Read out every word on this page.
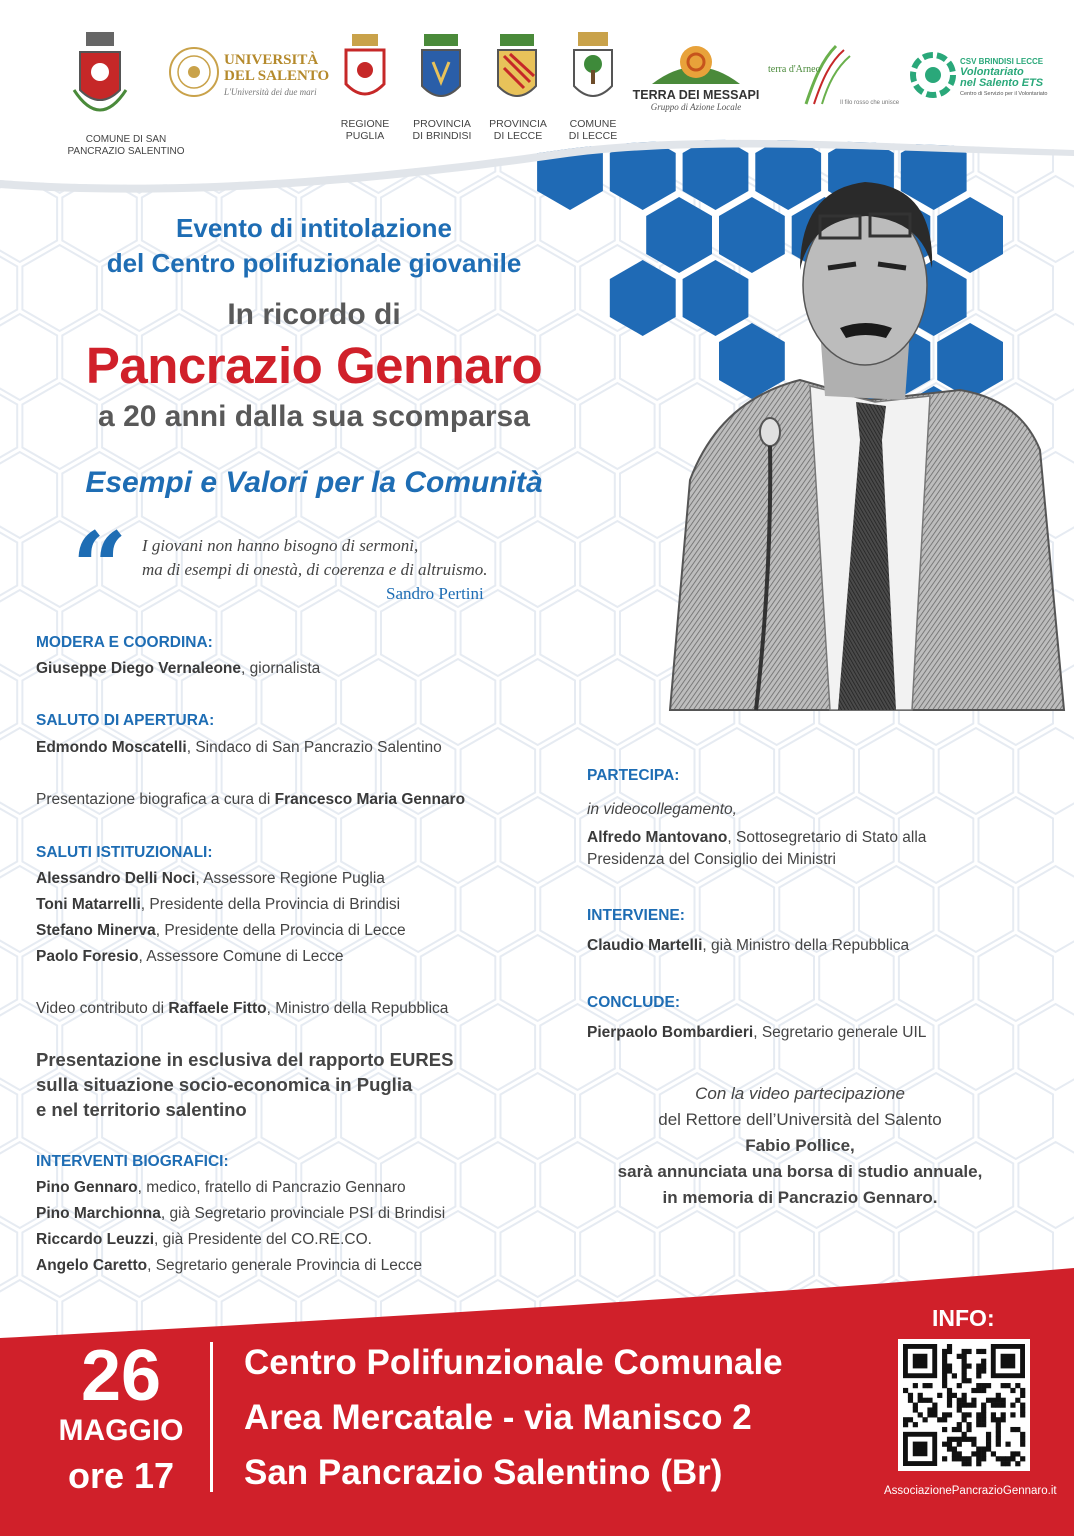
COMUNE DI SAN PANCRAZIO SALENTINO
UNIVERSITÀ
DEL SALENTO
L'Università dei due mari
REGIONE
PUGLIA
PROVINCIA
DI BRINDISI
PROVINCIA
DI LECCE
COMUNE
DI LECCE
TERRA DEI MESSAPI
Gruppo di Azione Locale
terra d'Arneo
Il filo rosso che unisce
CSV BRINDISI LECCE
Volontariato
nel Salento ETS
Centro di Servizio per il Volontariato
Evento di intitolazione
del Centro polifuzionale giovanile
In ricordo di
Pancrazio Gennaro
a 20 anni dalla sua scomparsa
Esempi e Valori per la Comunità
“ I giovani non hanno bisogno di sermoni,
ma di esempi di onestà, di coerenza e di altruismo.
Sandro Pertini
MODERA E COORDINA:
Giuseppe Diego Vernaleone, giornalista
SALUTO DI APERTURA:
Edmondo Moscatelli, Sindaco di San Pancrazio Salentino
Presentazione biografica a cura di Francesco Maria Gennaro
SALUTI ISTITUZIONALI:
Alessandro Delli Noci, Assessore Regione Puglia
Toni Matarrelli, Presidente della Provincia di Brindisi
Stefano Minerva, Presidente della Provincia di Lecce
Paolo Foresio, Assessore Comune di Lecce
Video contributo di Raffaele Fitto, Ministro della Repubblica
Presentazione in esclusiva del rapporto EURES
sulla situazione socio-economica in Puglia
e nel territorio salentino
INTERVENTI BIOGRAFICI:
Pino Gennaro, medico, fratello di Pancrazio Gennaro
Pino Marchionna, già Segretario provinciale PSI di Brindisi
Riccardo Leuzzi, già Presidente del CO.RE.CO.
Angelo Caretto, Segretario generale Provincia di Lecce
PARTECIPA:
in videocollegamento,
Alfredo Mantovano, Sottosegretario di Stato alla
Presidenza del Consiglio dei Ministri
INTERVIENE:
Claudio Martelli, già Ministro della Repubblica
CONCLUDE:
Pierpaolo Bombardieri, Segretario generale UIL
Con la video partecipazione
del Rettore dell’Università del Salento
Fabio Pollice,
sarà annunciata una borsa di studio annuale,
in memoria di Pancrazio Gennaro.
26
MAGGIO
ore 17
Centro Polifunzionale Comunale
Area Mercatale - via Manisco 2
San Pancrazio Salentino (Br)
INFO:
AssociazionePancrazioGennaro.it
